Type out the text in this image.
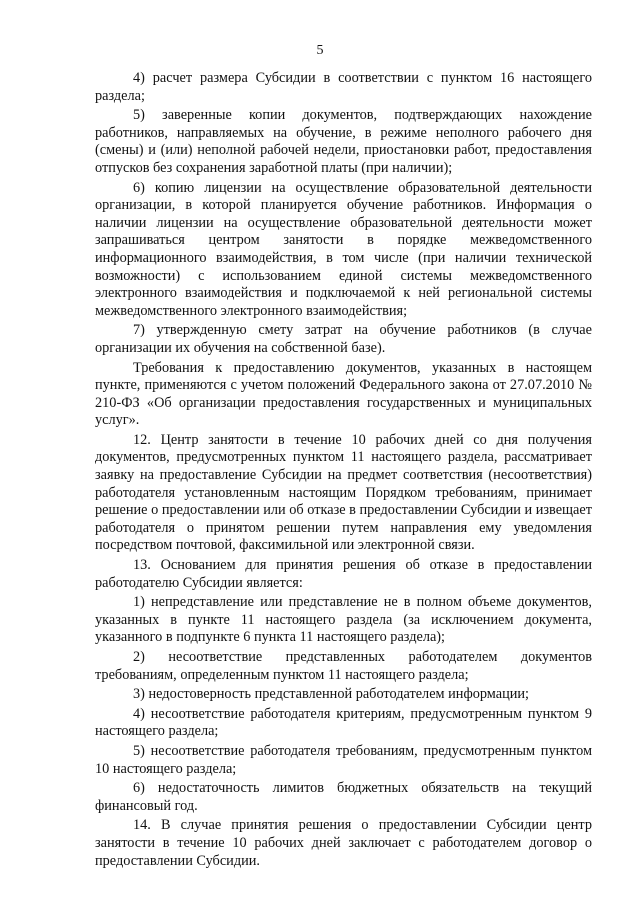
5

4) расчет размера Субсидии в соответствии с пунктом 16 настоящего раздела;

5) заверенные копии документов, подтверждающих нахождение работников, направляемых на обучение, в режиме неполного рабочего дня (смены) и (или) неполной рабочей недели, приостановки работ, предоставления отпусков без сохранения заработной платы (при наличии);

6) копию лицензии на осуществление образовательной деятельности организации, в которой планируется обучение работников. Информация о наличии лицензии на осуществление образовательной деятельности может запрашиваться центром занятости в порядке межведомственного информационного взаимодействия, в том числе (при наличии технической возможности) с использованием единой системы межведомственного электронного взаимодействия и подключаемой к ней региональной системы межведомственного электронного взаимодействия;

7) утвержденную смету затрат на обучение работников (в случае организации их обучения на собственной базе).

Требования к предоставлению документов, указанных в настоящем пункте, применяются с учетом положений Федерального закона от 27.07.2010 № 210-ФЗ «Об организации предоставления государственных и муниципальных услуг».

12. Центр занятости в течение 10 рабочих дней со дня получения документов, предусмотренных пунктом 11 настоящего раздела, рассматривает заявку на предоставление Субсидии на предмет соответствия (несоответствия) работодателя установленным настоящим Порядком требованиям, принимает решение о предоставлении или об отказе в предоставлении Субсидии и извещает работодателя о принятом решении путем направления ему уведомления посредством почтовой, факсимильной или электронной связи.

13. Основанием для принятия решения об отказе в предоставлении работодателю Субсидии является:

1) непредставление или представление не в полном объеме документов, указанных в пункте 11 настоящего раздела (за исключением документа, указанного в подпункте 6 пункта 11 настоящего раздела);

2) несоответствие представленных работодателем документов требованиям, определенным пунктом 11 настоящего раздела;

3) недостоверность представленной работодателем информации;

4) несоответствие работодателя критериям, предусмотренным пунктом 9 настоящего раздела;

5) несоответствие работодателя требованиям, предусмотренным пунктом 10 настоящего раздела;

6) недостаточность лимитов бюджетных обязательств на текущий финансовый год.

14. В случае принятия решения о предоставлении Субсидии центр занятости в течение 10 рабочих дней заключает с работодателем договор о предоставлении Субсидии.
